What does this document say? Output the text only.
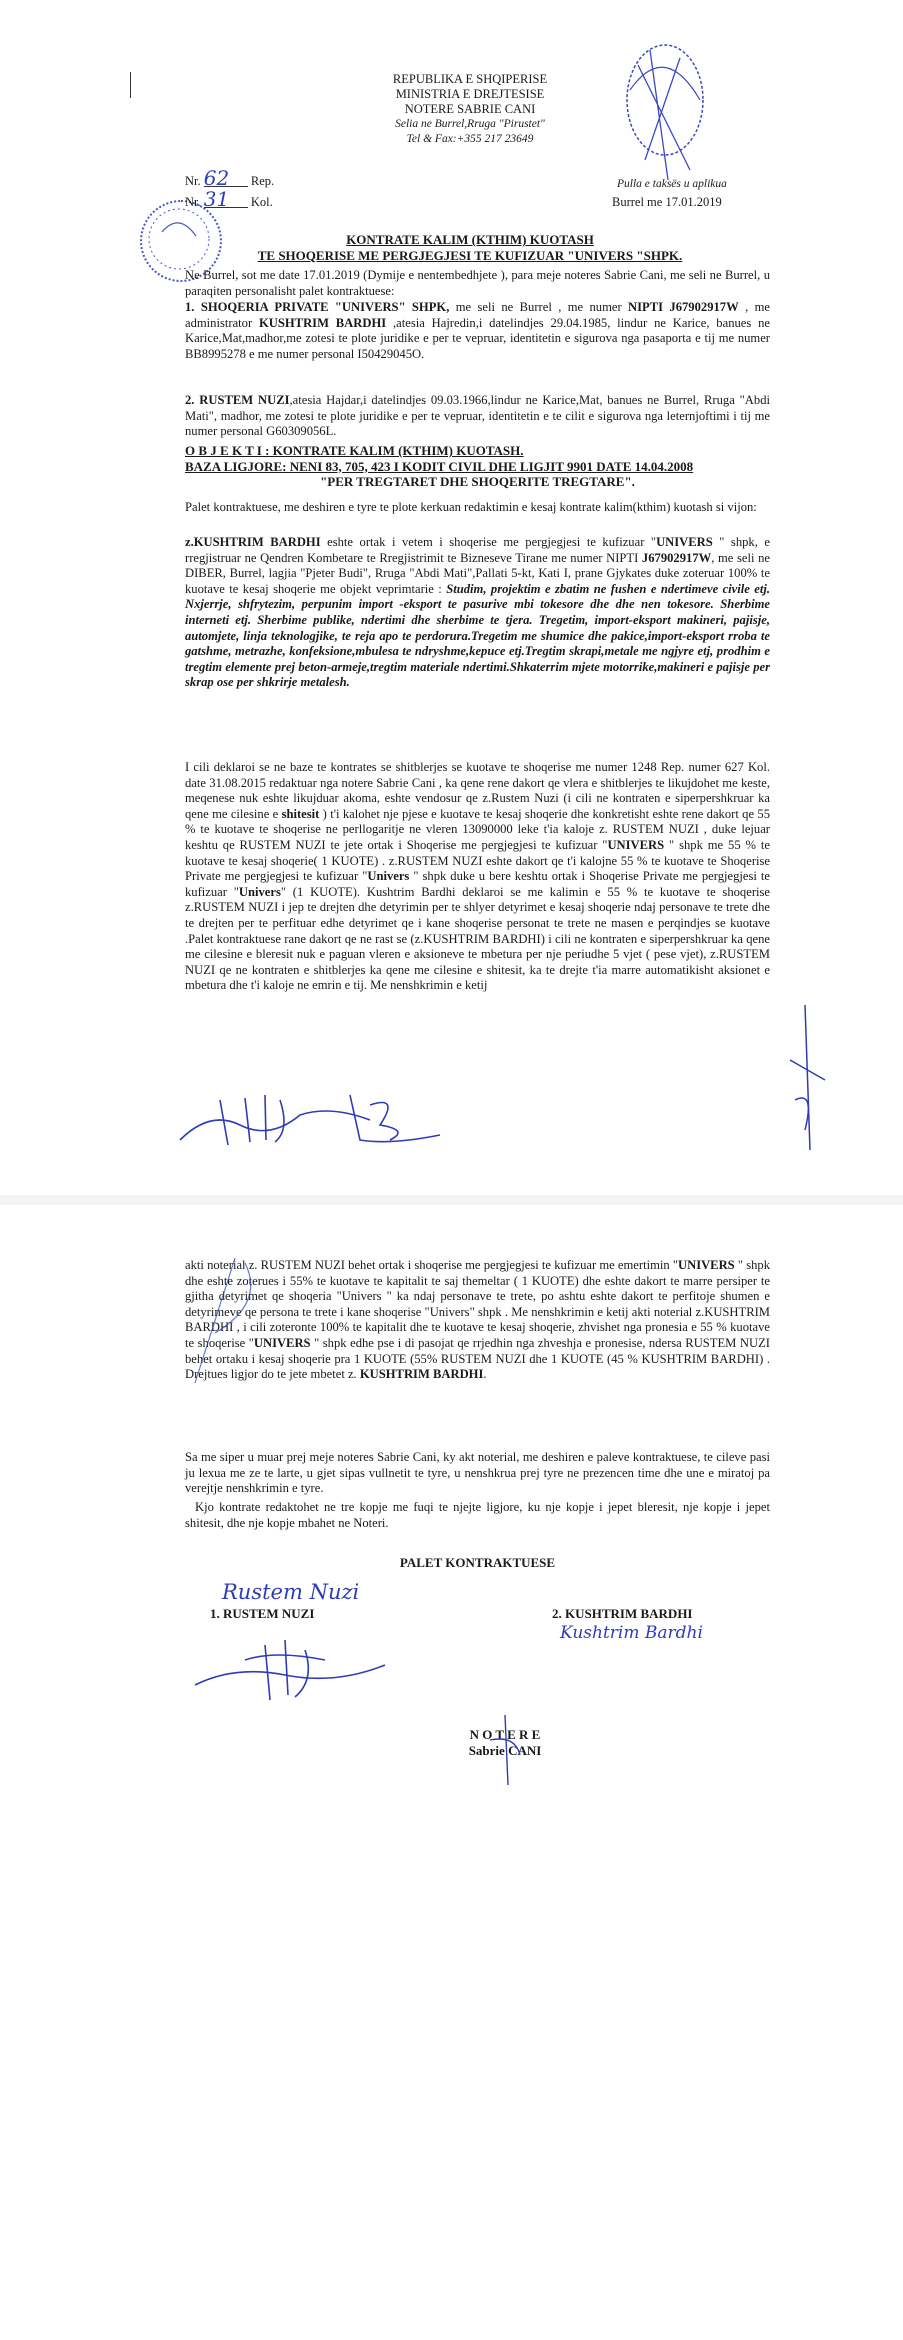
REPUBLIKA E SHQIPERISE
MINISTRIA E DREJTESISE
NOTERE SABRIE CANI
Selia ne Burrel,Rruga "Pirustet"
Tel & Fax:+355 217 23649
Nr. 62 Rep.
Nr. 31 Kol.
Pulla e taksës u aplikua
Burrel me 17.01.2019
KONTRATE KALIM (KTHIM) KUOTASH
TE SHOQERISE ME PERGJEGJESI TE KUFIZUAR "UNIVERS "SHPK.
Ne Burrel, sot me date 17.01.2019 (Dymije e nentembedhjete ), para meje noteres Sabrie Cani, me seli ne Burrel, u paraqiten personalisht palet kontraktuese:
1. SHOQERIA PRIVATE "UNIVERS" SHPK, me seli ne Burrel , me numer NIPTI J67902917W , me administrator KUSHTRIM BARDHI ,atesia Hajredin,i datelindjes 29.04.1985, lindur ne Karice, banues ne Karice,Mat,madhor,me zotesi te plote juridike e per te vepruar, identitetin e sigurova nga pasaporta e tij me numer BB8995278 e me numer personal I50429045O.
2. RUSTEM NUZI,atesia Hajdar,i datelindjes 09.03.1966,lindur ne Karice,Mat, banues ne Burrel, Rruga "Abdi Mati", madhor, me zotesi te plote juridike e per te vepruar, identitetin e te cilit e sigurova nga leternjoftimi i tij me numer personal G60309056L.
O B J E K T I : KONTRATE KALIM (KTHIM) KUOTASH.
BAZA LIGJORE: NENI 83, 705, 423 I KODIT CIVIL DHE LIGJIT 9901 DATE 14.04.2008
"PER TREGTARET DHE SHOQERITE TREGTARE".
Palet kontraktuese, me deshiren e tyre te plote kerkuan redaktimin e kesaj kontrate kalim(kthim) kuotash si vijon:
z.KUSHTRIM BARDHI eshte ortak i vetem i shoqerise me pergjegjesi te kufizuar "UNIVERS " shpk, e rregjistruar ne Qendren Kombetare te Rregjistrimit te Bizneseve Tirane me numer NIPTI J67902917W, me seli ne DIBER, Burrel, lagjia "Pjeter Budi", Rruga "Abdi Mati",Pallati 5-kt, Kati I, prane Gjykates duke zoteruar 100% te kuotave te kesaj shoqerie me objekt veprimtarie : Studim, projektim e zbatim ne fushen e ndertimeve civile etj. Nxjerrje, shfrytezim, perpunim import -eksport te pasurive mbi tokesore dhe dhe nen tokesore. Sherbime interneti etj. Sherbime publike, ndertimi dhe sherbime te tjera. Tregetim, import-eksport makineri, pajisje, automjete, linja teknologjike, te reja apo te perdorura.Tregetim me shumice dhe pakice,import-eksport rroba te gatshme, metrazhe, konfeksione,mbulesa te ndryshme,kepuce etj.Tregtim skrapi,metale me ngjyre etj, prodhim e tregtim elemente prej beton-armeje,tregtim materiale ndertimi.Shkaterrim mjete motorrike,makineri e pajisje per skrap ose per shkrirje metalesh.
I cili deklaroi se ne baze te kontrates se shitblerjes se kuotave te shoqerise me numer 1248 Rep. numer 627 Kol. date 31.08.2015 redaktuar nga notere Sabrie Cani , ka qene rene dakort qe vlera e shitblerjes te likujdohet me keste, meqenese nuk eshte likujduar akoma, eshte vendosur qe z.Rustem Nuzi (i cili ne kontraten e siperpershkruar ka qene me cilesine e shitesit ) t'i kalohet nje pjese e kuotave te kesaj shoqerie dhe konkretisht eshte rene dakort qe 55 % te kuotave te shoqerise ne perllogaritje ne vleren 13090000 leke t'ia kaloje z. RUSTEM NUZI , duke lejuar keshtu qe RUSTEM NUZI te jete ortak i Shoqerise me pergjegjesi te kufizuar "UNIVERS " shpk me 55 % te kuotave te kesaj shoqerie( 1 KUOTE) . z.RUSTEM NUZI eshte dakort qe t'i kalojne 55 % te kuotave te Shoqerise Private me pergjegjesi te kufizuar "Univers " shpk duke u bere keshtu ortak i Shoqerise Private me pergjegjesi te kufizuar "Univers" (1 KUOTE). Kushtrim Bardhi deklaroi se me kalimin e 55 % te kuotave te shoqerise z.RUSTEM NUZI i jep te drejten dhe detyrimin per te shlyer detyrimet e kesaj shoqerie ndaj personave te trete dhe te drejten per te perfituar edhe detyrimet qe i kane shoqerise personat te trete ne masen e perqindjes se kuotave .Palet kontraktuese rane dakort qe ne rast se (z.KUSHTRIM BARDHI) i cili ne kontraten e siperpershkruar ka qene me cilesine e bleresit nuk e paguan vleren e aksioneve te mbetura per nje periudhe 5 vjet ( pese vjet), z.RUSTEM NUZI qe ne kontraten e shitblerjes ka qene me cilesine e shitesit, ka te drejte t'ia marre automatikisht aksionet e mbetura dhe t'i kaloje ne emrin e tij. Me nenshkrimin e ketij
akti noterial z. RUSTEM NUZI behet ortak i shoqerise me pergjegjesi te kufizuar me emertimin "UNIVERS " shpk dhe eshte zoterues i 55% te kuotave te kapitalit te saj themeltar ( 1 KUOTE) dhe eshte dakort te marre persiper te gjitha detyrimet qe shoqeria "Univers " ka ndaj personave te trete, po ashtu eshte dakort te perfitoje shumen e detyrimeve qe persona te trete i kane shoqerise "Univers" shpk . Me nenshkrimin e ketij akti noterial z.KUSHTRIM BARDHI , i cili zoteronte 100% te kapitalit dhe te kuotave te kesaj shoqerie, zhvishet nga pronesia e 55 % kuotave te shoqerise "UNIVERS " shpk edhe pse i di pasojat qe rrjedhin nga zhveshja e pronesise, ndersa RUSTEM NUZI behet ortaku i kesaj shoqerie pra 1 KUOTE (55% RUSTEM NUZI dhe 1 KUOTE (45 % KUSHTRIM BARDHI) . Drejtues ligjor do te jete mbetet z. KUSHTRIM BARDHI.
Sa me siper u muar prej meje noteres Sabrie Cani, ky akt noterial, me deshiren e paleve kontraktuese, te cileve pasi ju lexua me ze te larte, u gjet sipas vullnetit te tyre, u nenshkrua prej tyre ne prezencen time dhe une e miratoj pa verejtje nenshkrimin e tyre.
Kjo kontrate redaktohet ne tre kopje me fuqi te njejte ligjore, ku nje kopje i jepet bleresit, nje kopje i jepet shitesit, dhe nje kopje mbahet ne Noteri.
PALET KONTRAKTUESE
Rustem Nuzi
1. RUSTEM NUZI	2. KUSHTRIM BARDHI
Kushtrim Bardhi
N O T E R E
Sabrie CANI
